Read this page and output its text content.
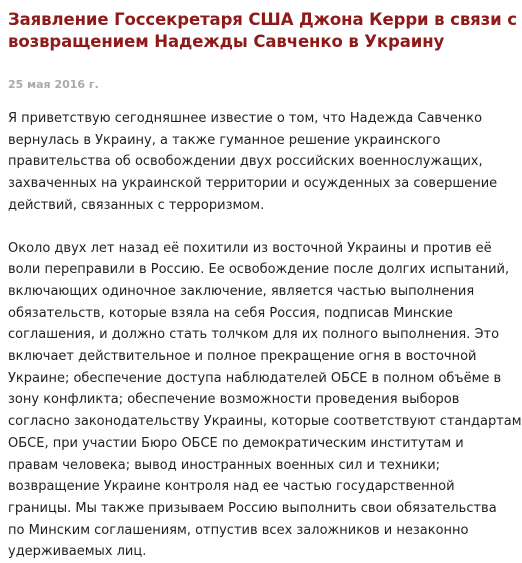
Заявление Госсекретаря США Джона Керри в связи с
возвращением Надежды Савченко в Украину
25 мая 2016 г.

Я приветствую сегодняшнее известие о том, что Надежда Савченко
вернулась в Украину, а также гуманное решение украинского
правительства об освобождении двух российских военнослужащих,
захваченных на украинской территории и осужденных за совершение
действий, связанных с терроризмом.

Около двух лет назад её похитили из восточной Украины и против её
воли переправили в Россию. Ее освобождение после долгих испытаний,
включающих одиночное заключение, является частью выполнения
обязательств, которые взяла на себя Россия, подписав Минские
соглашения, и должно стать толчком для их полного выполнения. Это
включает действительное и полное прекращение огня в восточной
Украине; обеспечение доступа наблюдателей ОБСЕ в полном объёме в
зону конфликта; обеспечение возможности проведения выборов
согласно законодательству Украины, которые соответствуют стандартам
ОБСЕ, при участии Бюро ОБСЕ по демократическим институтам и
правам человека; вывод иностранных военных сил и техники;
возвращение Украине контроля над ее частью государственной
границы. Мы также призываем Россию выполнить свои обязательства
по Минским соглашениям, отпустив всех заложников и незаконно
удерживаемых лиц.
